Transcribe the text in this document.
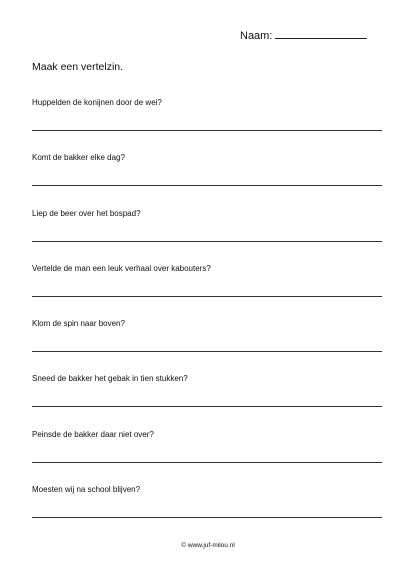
Naam:
Maak een vertelzin.
Huppelden de konijnen door de wei?
Komt de bakker elke dag?
Liep de beer over het bospad?
Vertelde de man een leuk verhaal over kabouters?
Klom de spin naar boven?
Sneed de bakker het gebak in tien stukken?
Peinsde de bakker daar niet over?
Moesten wij na school blijven?
© www.juf-milou.nl
